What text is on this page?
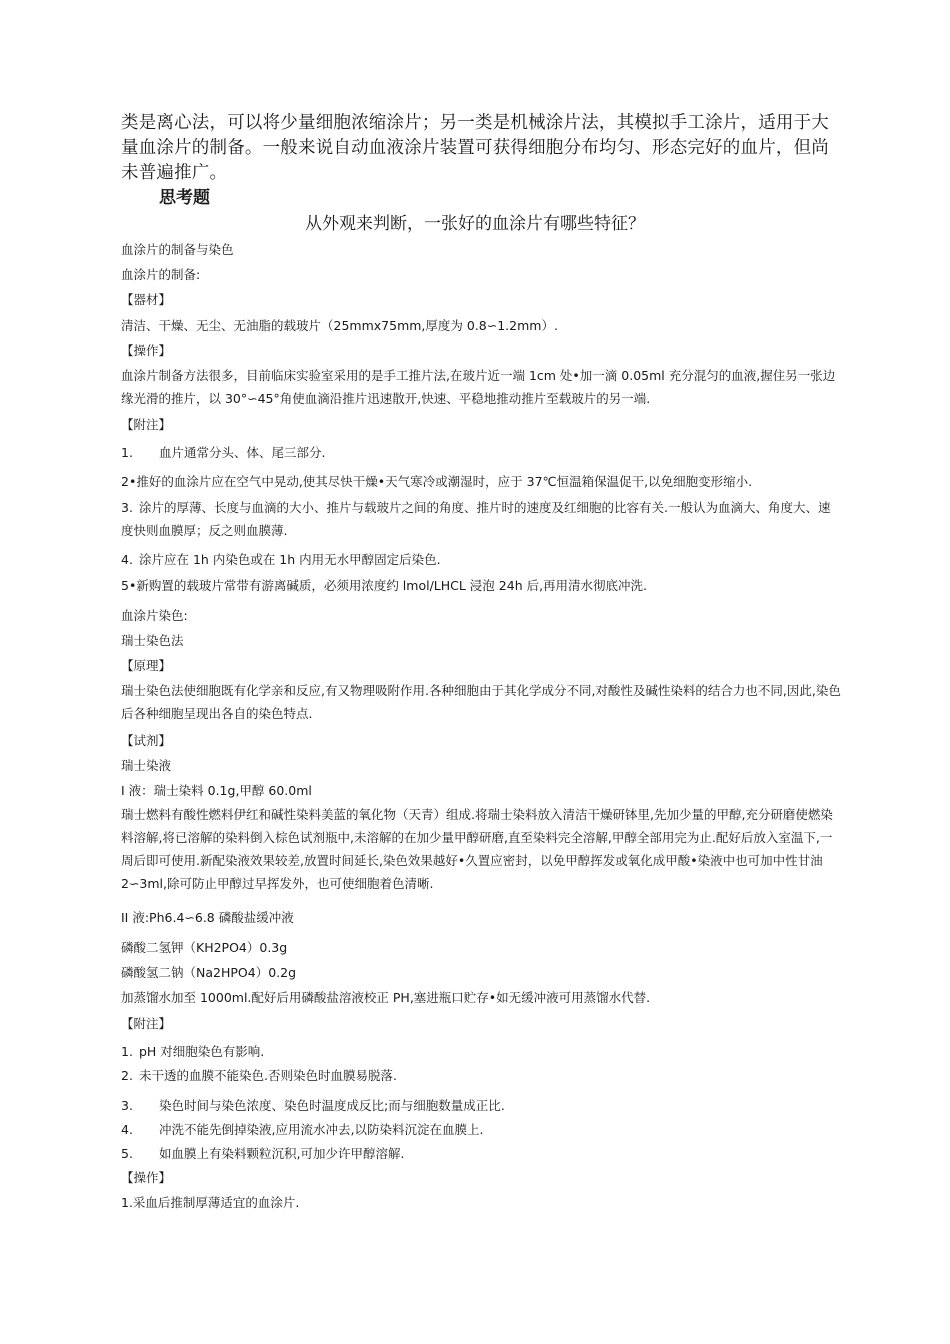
类是离心法，可以将少量细胞浓缩涂片；另一类是机械涂片法，其模拟手工涂片，适用于大量血涂片的制备。一般来说自动血液涂片装置可获得细胞分布均匀、形态完好的血片，但尚未普遍推广。

思考题

从外观来判断，一张好的血涂片有哪些特征？

血涂片的制备与染色

血涂片的制备:

【器材】

清洁、干燥、无尘、无油脂的载玻片（25mmx75mm,厚度为 0.8∽1.2mm）.

【操作】

血涂片制备方法很多，目前临床实验室采用的是手工推片法,在玻片近一端 1cm 处•加一滴 0.05ml 充分混匀的血液,握住另一张边缘光滑的推片，以 30°∽45°角使血滴沿推片迅速散开,快速、平稳地推动推片至载玻片的另一端.

【附注】

1. 血片通常分头、体、尾三部分.

2•推好的血涂片应在空气中晃动,使其尽快干燥•天气寒冷或潮湿时，应于 37℃恒温箱保温促干,以免细胞变形缩小.

3. 涂片的厚薄、长度与血滴的大小、推片与载玻片之间的角度、推片时的速度及红细胞的比容有关.一般认为血滴大、角度大、速度快则血膜厚；反之则血膜薄.

4. 涂片应在 1h 内染色或在 1h 内用无水甲醇固定后染色.

5•新购置的载玻片常带有游离碱质，必须用浓度约 lmol/LHCL 浸泡 24h 后,再用清水彻底冲洗.

血涂片染色:

瑞士染色法

【原理】

瑞士染色法使细胞既有化学亲和反应,有又物理吸附作用.各种细胞由于其化学成分不同,对酸性及碱性染料的结合力也不同,因此,染色后各种细胞呈现出各自的染色特点.

【试剂】

瑞士染液

I 液：瑞士染料 0.1g,甲醇 60.0ml

瑞士燃料有酸性燃料伊红和碱性染料美蓝的氧化物（天青）组成.将瑞士染料放入清洁干燥研钵里,先加少量的甲醇,充分研磨使燃染料溶解,将已溶解的染料倒入棕色试剂瓶中,未溶解的在加少量甲醇研磨,直至染料完全溶解,甲醇全部用完为止.配好后放入室温下,一周后即可使用.新配染液效果较差,放置时间延长,染色效果越好•久置应密封，以免甲醇挥发或氧化成甲酸•染液中也可加中性甘油 2∽3ml,除可防止甲醇过早挥发外，也可使细胞着色清晰.

II 液:Ph6.4∽6.8 磷酸盐缓冲液

磷酸二氢钾（KH2PO4）0.3g

磷酸氢二钠（Na2HPO4）0.2g

加蒸馏水加至 1000ml.配好后用磷酸盐溶液校正 PH,塞进瓶口贮存•如无缓冲液可用蒸馏水代替.

【附注】

1. pH 对细胞染色有影响.

2. 未干透的血膜不能染色.否则染色时血膜易脱落.

3. 染色时间与染色浓度、染色时温度成反比;而与细胞数量成正比.

4. 冲洗不能先倒掉染液,应用流水冲去,以防染料沉淀在血膜上.

5. 如血膜上有染料颗粒沉积,可加少许甲醇溶解.

【操作】

1.采血后推制厚薄适宜的血涂片.
